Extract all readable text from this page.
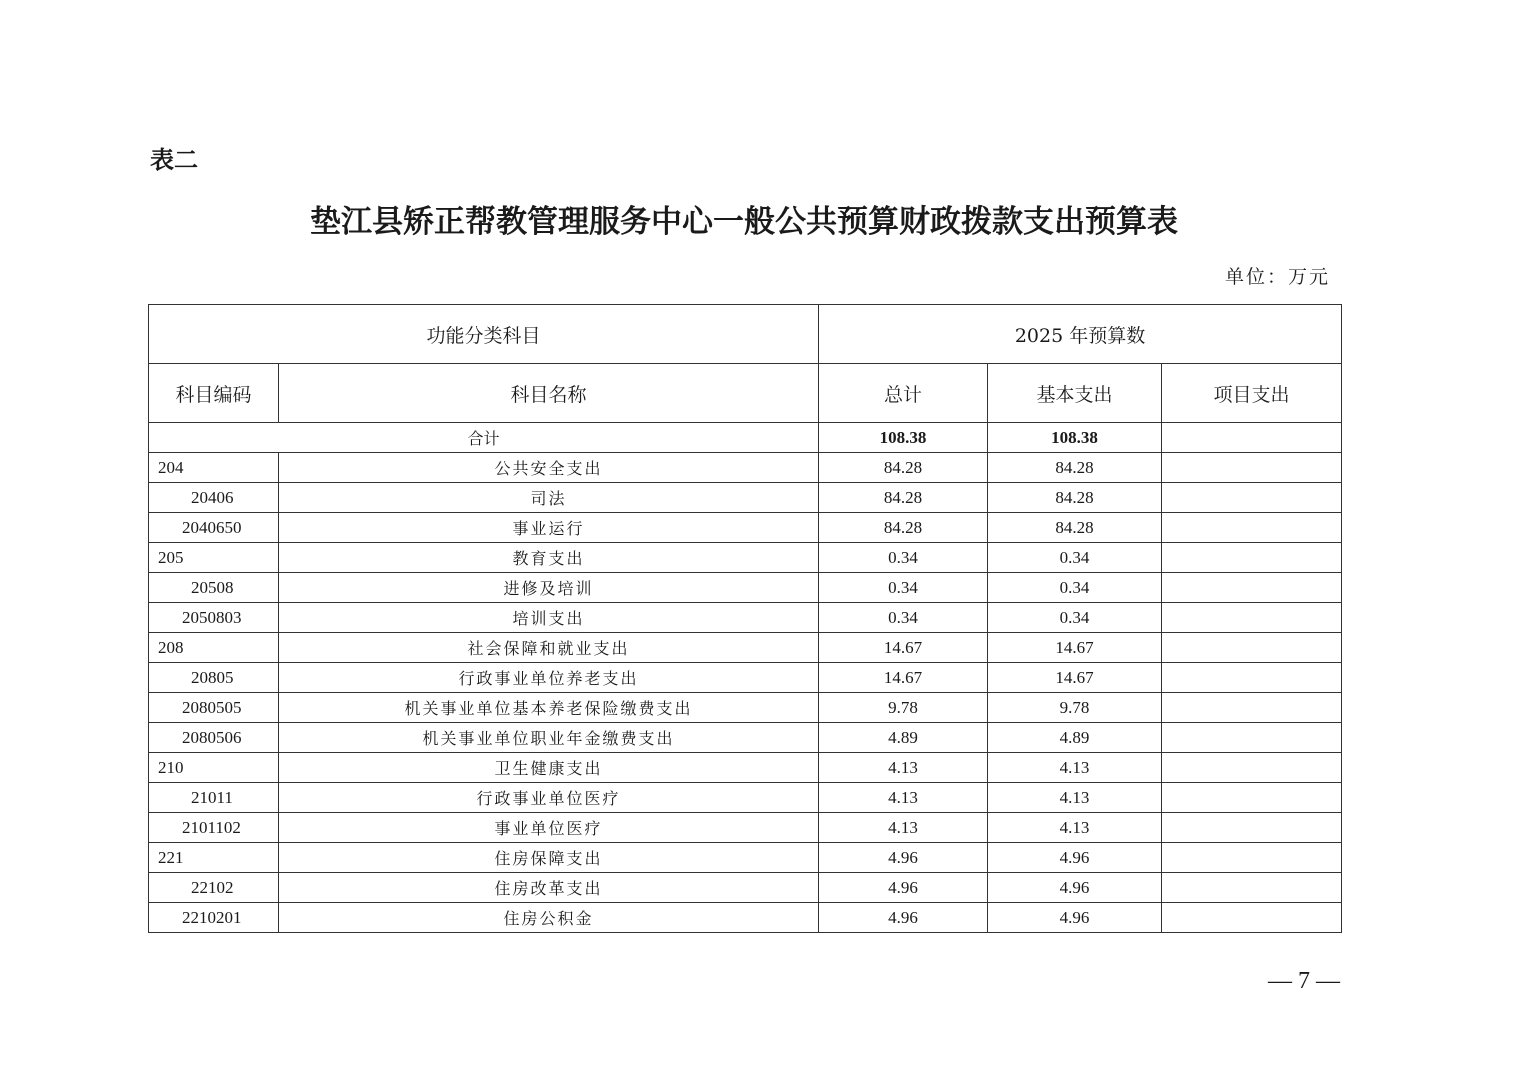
表二
垫江县矫正帮教管理服务中心一般公共预算财政拨款支出预算表
单位：万元
功能分类科目		2025 年预算数		
科目编码	科目名称	总计	基本支出	项目支出
合计		108.38	108.38	
204	公共安全支出	84.28	84.28	
20406	司法	84.28	84.28	
2040650	事业运行	84.28	84.28	
205	教育支出	0.34	0.34	
20508	进修及培训	0.34	0.34	
2050803	培训支出	0.34	0.34	
208	社会保障和就业支出	14.67	14.67	
20805	行政事业单位养老支出	14.67	14.67	
2080505	机关事业单位基本养老保险缴费支出	9.78	9.78	
2080506	机关事业单位职业年金缴费支出	4.89	4.89	
210	卫生健康支出	4.13	4.13	
21011	行政事业单位医疗	4.13	4.13	
2101102	事业单位医疗	4.13	4.13	
221	住房保障支出	4.96	4.96	
22102	住房改革支出	4.96	4.96	
2210201	住房公积金	4.96	4.96	
— 7 —
